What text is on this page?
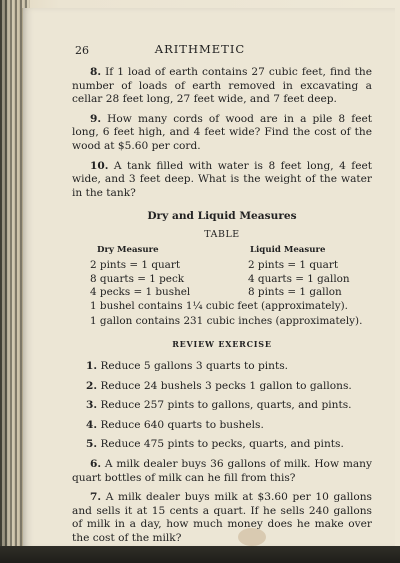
26	ARITHMETIC

8. If 1 load of earth contains 27 cubic feet, find the number of loads of earth removed in excavating a cellar 28 feet long, 27 feet wide, and 7 feet deep.

9. How many cords of wood are in a pile 8 feet long, 6 feet high, and 4 feet wide? Find the cost of the wood at $5.60 per cord.

10. A tank filled with water is 8 feet long, 4 feet wide, and 3 feet deep. What is the weight of the water in the tank?

Dry and Liquid Measures
TABLE
Dry Measure
2 pints = 1 quart
8 quarts = 1 peck
4 pecks = 1 bushel
Liquid Measure
2 pints = 1 quart
4 quarts = 1 gallon
8 pints = 1 gallon
1 bushel contains 1¼ cubic feet (approximately).
1 gallon contains 231 cubic inches (approximately).
REVIEW EXERCISE

1. Reduce 5 gallons 3 quarts to pints.

2. Reduce 24 bushels 3 pecks 1 gallon to gallons.

3. Reduce 257 pints to gallons, quarts, and pints.

4. Reduce 640 quarts to bushels.

5. Reduce 475 pints to pecks, quarts, and pints.

6. A milk dealer buys 36 gallons of milk. How many quart bottles of milk can he fill from this?

7. A milk dealer buys milk at $3.60 per 10 gallons and sells it at 15 cents a quart. If he sells 240 gallons of milk in a day, how much money does he make over the cost of the milk?
